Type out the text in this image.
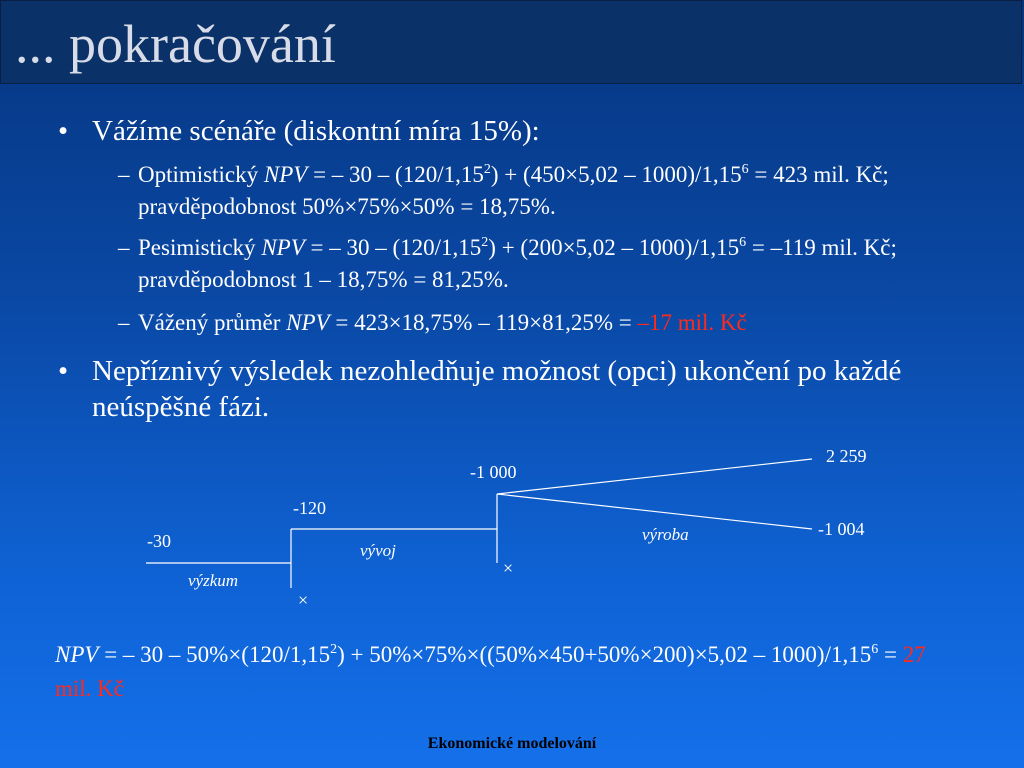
... pokračování
• Vážíme scénáře (diskontní míra 15%):
– Optimistický NPV = – $30 - (120/1,15^2) + (450\times 5,02 - 1000)/1,15^6 = 423$ mil. Kč; pravděpodobnost 50%×75%×50% = 18,75%.
– Pesimistický NPV = – $30 - (120/1,15^2) + (200\times 5,02 - 1000)/1,15^6 = -119$ mil. Kč; pravděpodobnost 1 – 18,75% = 81,25%.
– Vážený průměr NPV = 423×18,75% – 119×81,25% = –17 mil. Kč
• Nepříznivý výsledek nezohledňuje možnost (opci) ukončení po každé neúspěšné fázi.
-30
výzkum
-120
vývoj
-1 000
výroba
2 259
-1 004
×
×
NPV = – $30 - 50\%\times(120/1,15^2) + 50\%\times 75\%\times((50\%\times 450+50\%\times 200)\times 5,02 - 1000)/1,15^6 = 27$ mil. Kč
Ekonomické modelování
